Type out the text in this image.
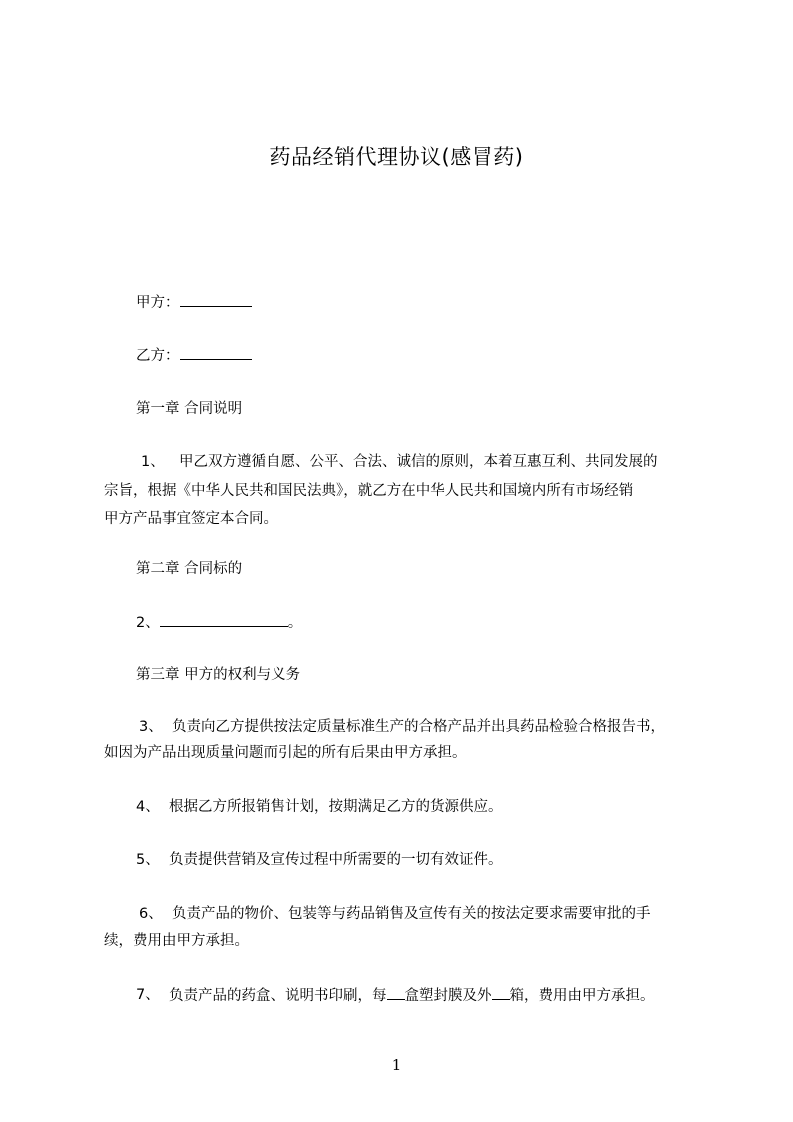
药品经销代理协议(感冒药)
甲方：
乙方：
第一章 合同说明
1、 甲乙双方遵循自愿、公平、合法、诚信的原则，本着互惠互利、共同发展的
宗旨，根据《中华人民共和国民法典》，就乙方在中华人民共和国境内所有市场经销
甲方产品事宜签定本合同。
第二章 合同标的
2、	。
第三章 甲方的权利与义务
3、 负责向乙方提供按法定质量标准生产的合格产品并出具药品检验合格报告书，
如因为产品出现质量问题而引起的所有后果由甲方承担。
4、 根据乙方所报销售计划，按期满足乙方的货源供应。
5、 负责提供营销及宣传过程中所需要的一切有效证件。
6、 负责产品的物价、包装等与药品销售及宣传有关的按法定要求需要审批的手
续，费用由甲方承担。
7、 负责产品的药盒、说明书印刷，每 盒塑封膜及外 箱，费用由甲方承担。
1
